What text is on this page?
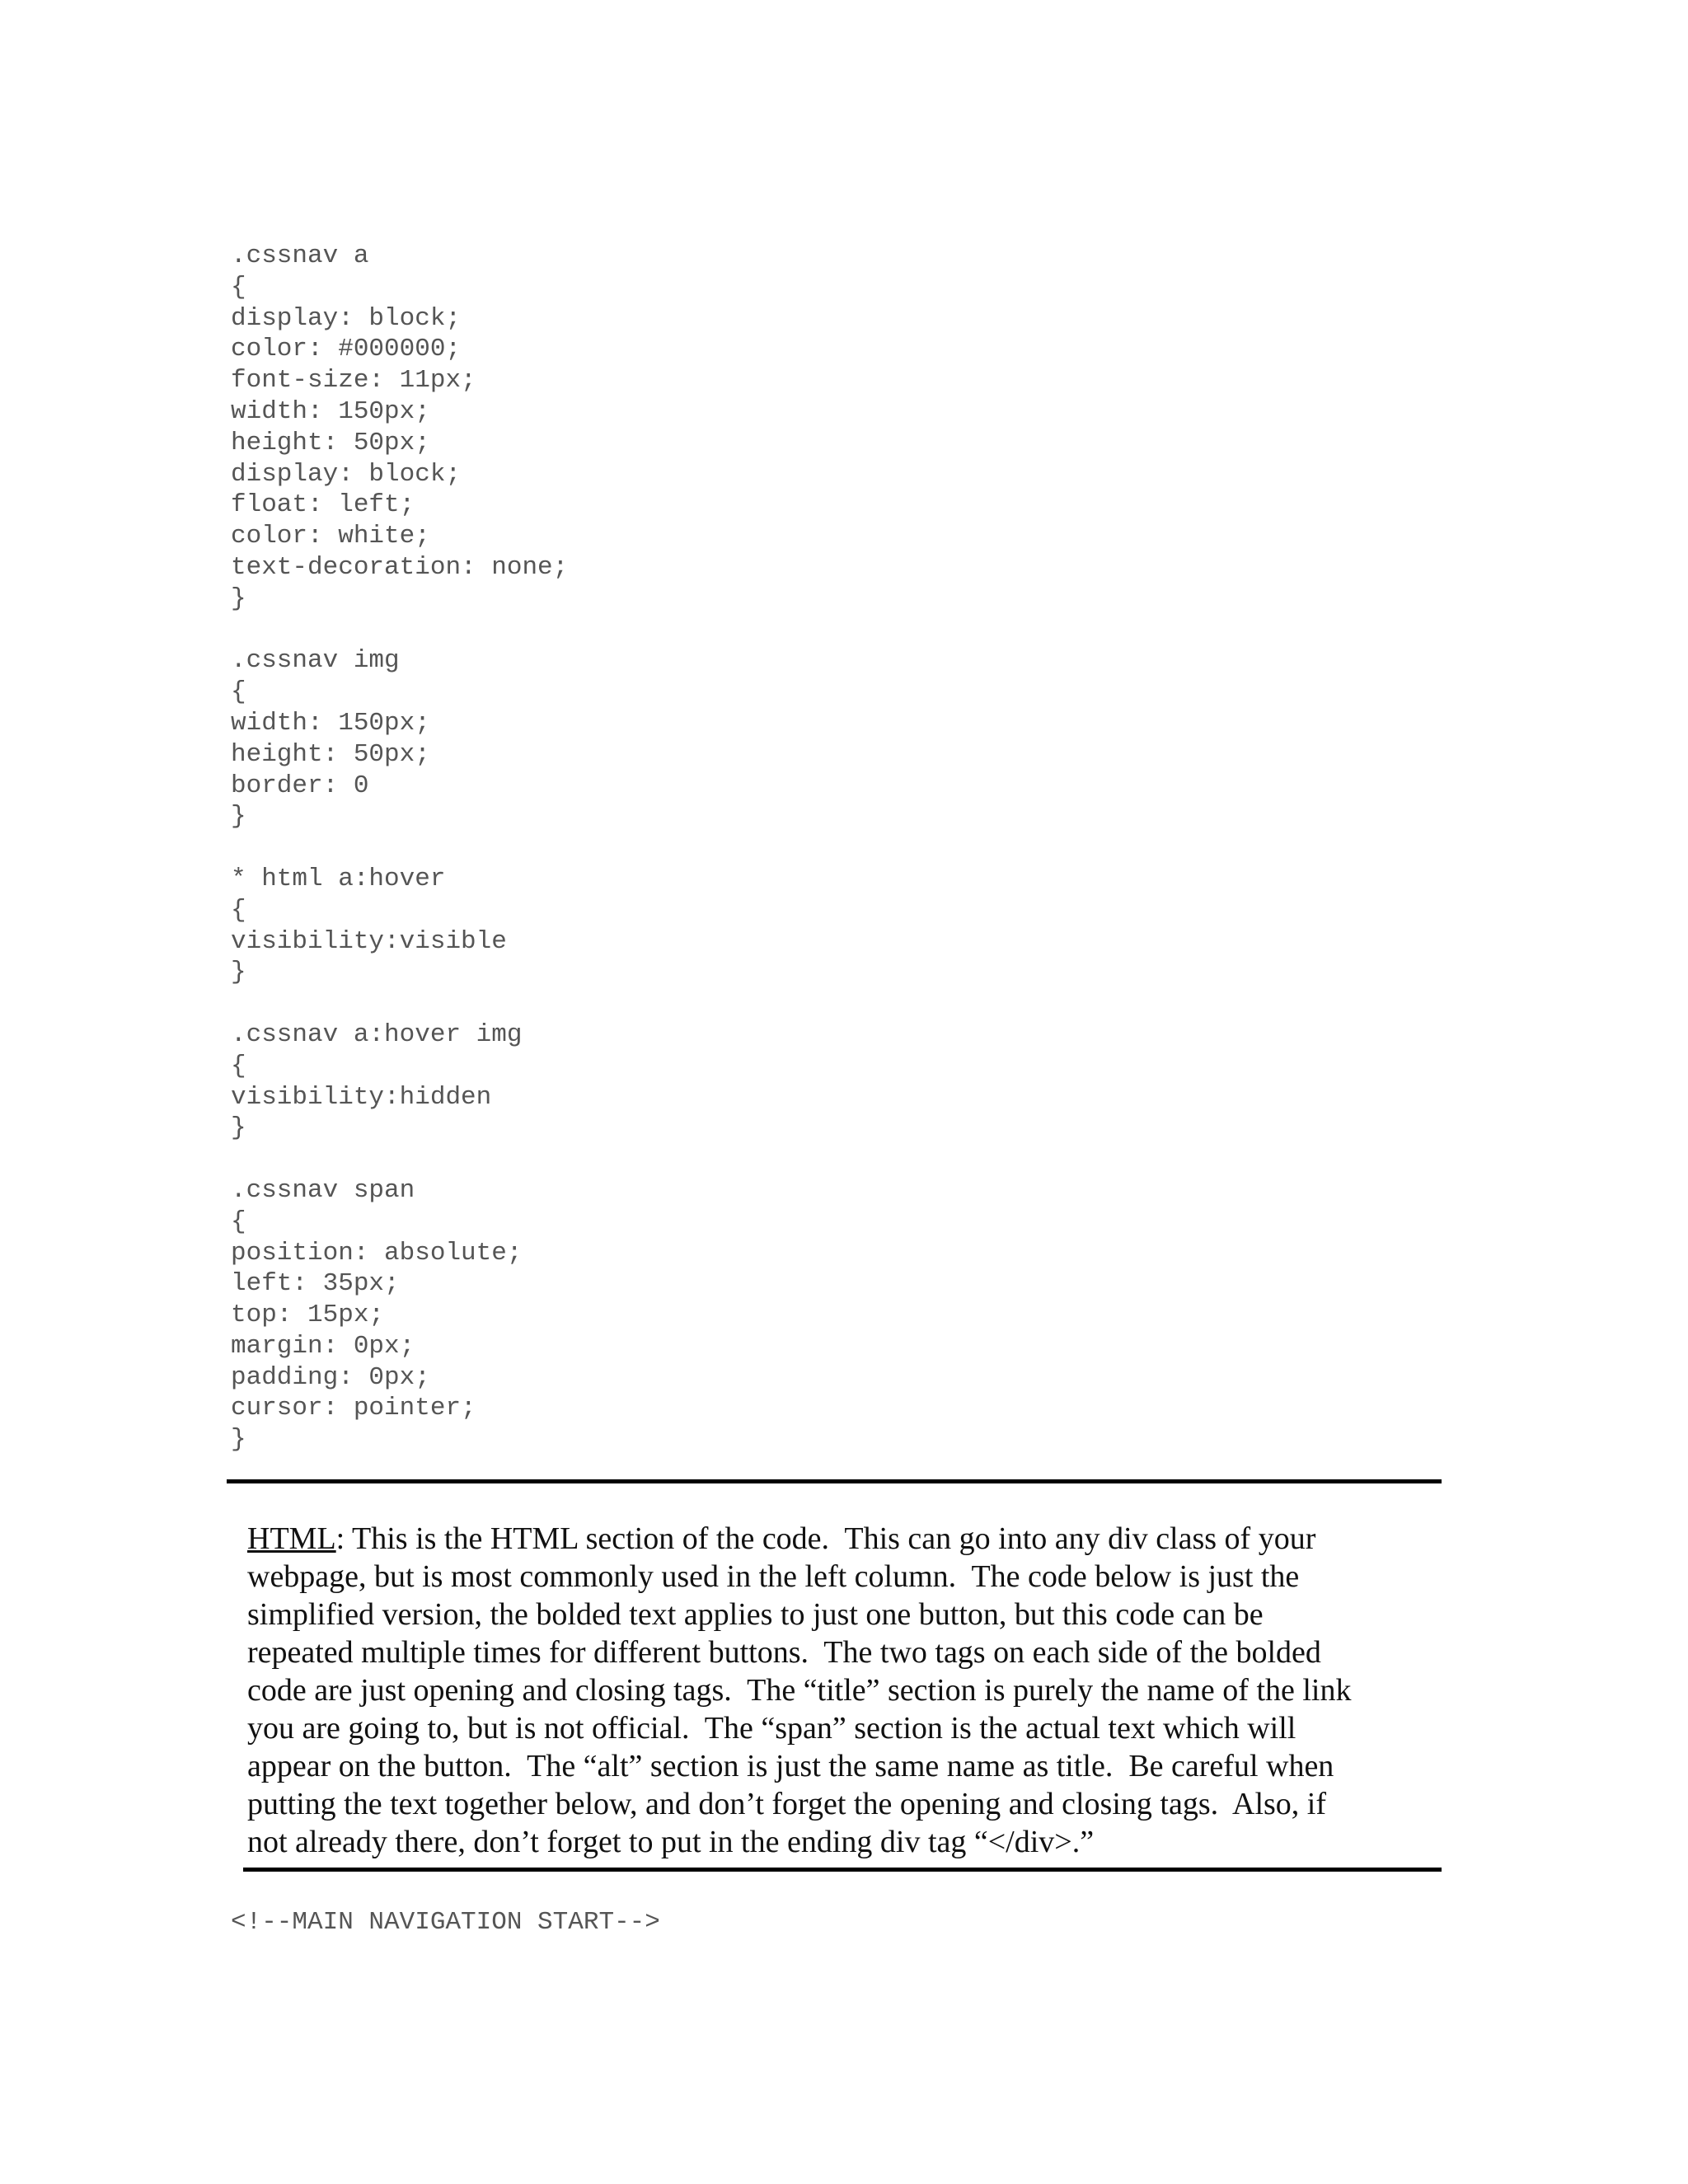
.cssnav a
{
display: block;
color: #000000;
font-size: 11px;
width: 150px;
height: 50px;
display: block;
float: left;
color: white;
text-decoration: none;
}
.cssnav img
{
width: 150px;
height: 50px;
border: 0
}
* html a:hover
{
visibility:visible
}
.cssnav a:hover img
{
visibility:hidden
}
.cssnav span
{
position: absolute;
left: 35px;
top: 15px;
margin: 0px;
padding: 0px;
cursor: pointer;
}
HTML: This is the HTML section of the code.  This can go into any div class of your
webpage, but is most commonly used in the left column.  The code below is just the
simplified version, the bolded text applies to just one button, but this code can be
repeated multiple times for different buttons.  The two tags on each side of the bolded
code are just opening and closing tags.  The “title” section is purely the name of the link
you are going to, but is not official.  The “span” section is the actual text which will
appear on the button.  The “alt” section is just the same name as title.  Be careful when
putting the text together below, and don’t forget the opening and closing tags.  Also, if
not already there, don’t forget to put in the ending div tag “</div>.”
<!--MAIN NAVIGATION START-->
